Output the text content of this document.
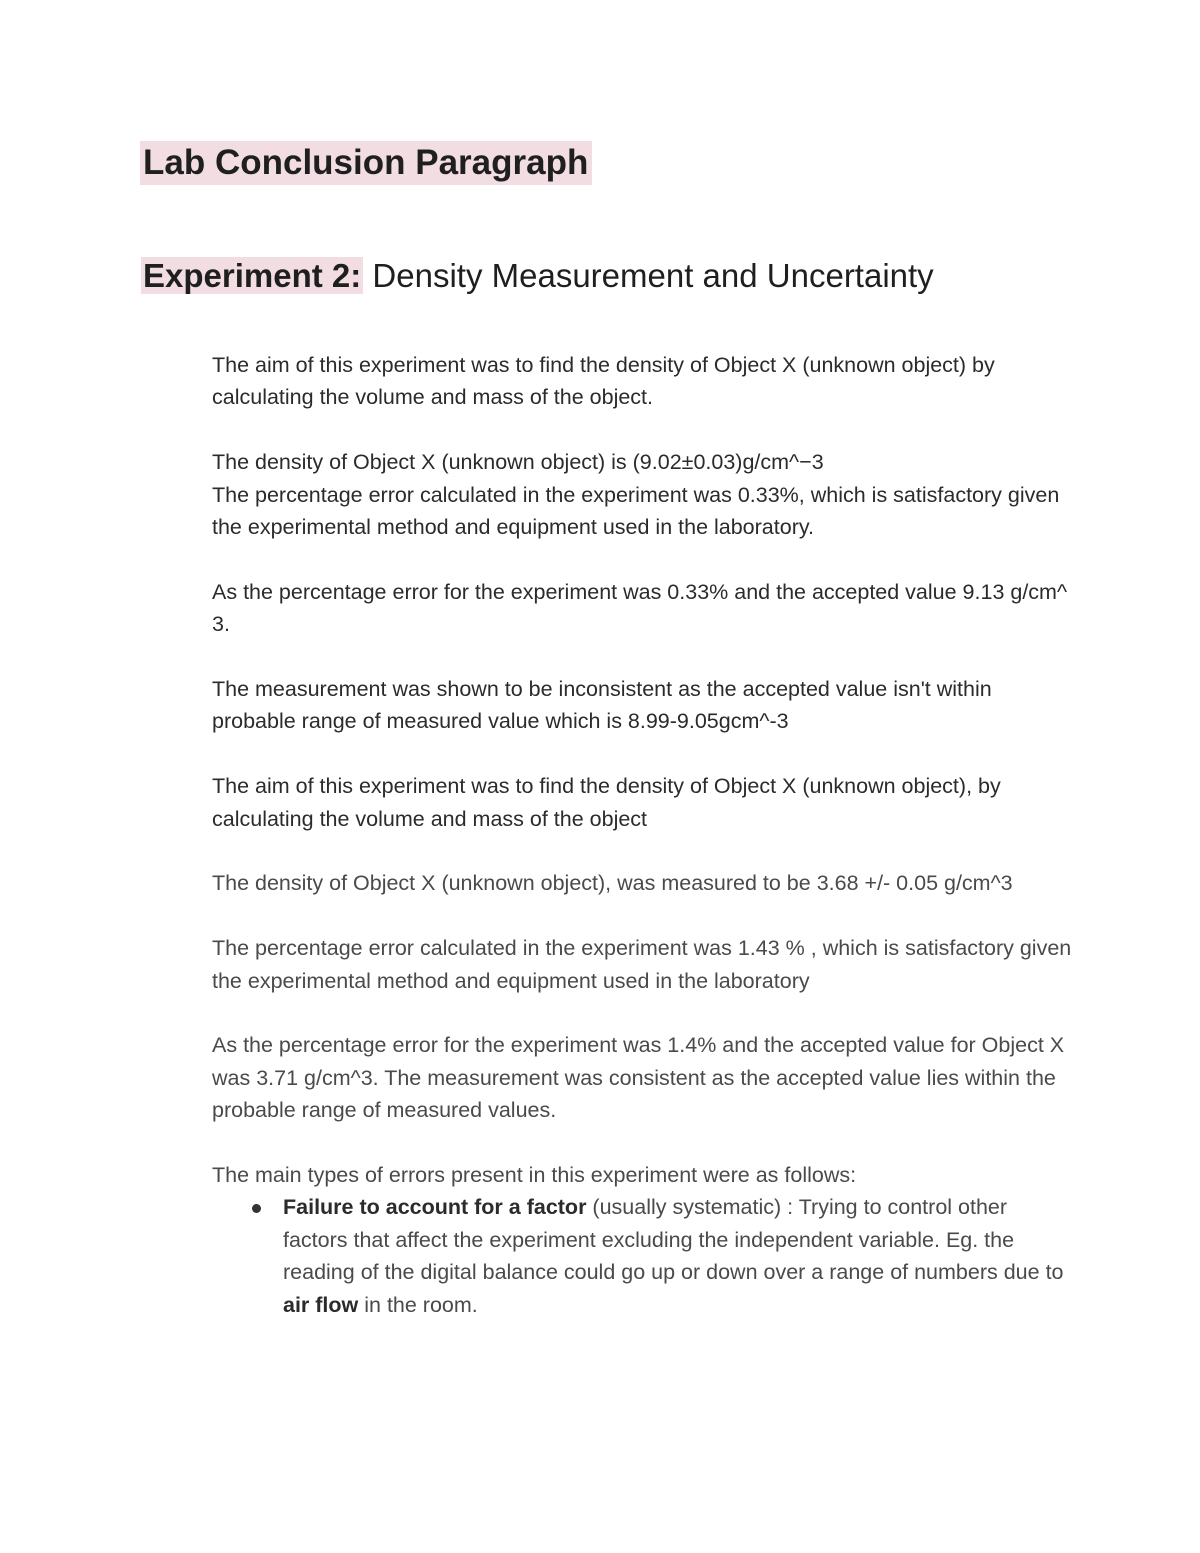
Lab Conclusion Paragraph
Experiment 2: Density Measurement and Uncertainty

The aim of this experiment was to find the density of Object X (unknown object) by calculating the volume and mass of the object.

The density of Object X (unknown object) is (9.02±0.03)g/cm^−3

The percentage error calculated in the experiment was 0.33%, which is satisfactory given the experimental method and equipment used in the laboratory.

As the percentage error for the experiment was 0.33% and the accepted value 9.13 g/cm^ 3.

The measurement was shown to be inconsistent as the accepted value isn't within probable range of measured value which is 8.99-9.05gcm^-3

The aim of this experiment was to find the density of Object X (unknown object), by calculating the volume and mass of the object

The density of Object X (unknown object), was measured to be 3.68 +/- 0.05 g/cm^3

The percentage error calculated in the experiment was 1.43 % , which is satisfactory given the experimental method and equipment used in the laboratory

As the percentage error for the experiment was 1.4% and the accepted value for Object X was 3.71 g/cm^3. The measurement was consistent as the accepted value lies within the probable range of measured values.

The main types of errors present in this experiment were as follows:

Failure to account for a factor (usually systematic) : Trying to control other factors that affect the experiment excluding the independent variable. Eg. the reading of the digital balance could go up or down over a range of numbers due to air flow in the room.
